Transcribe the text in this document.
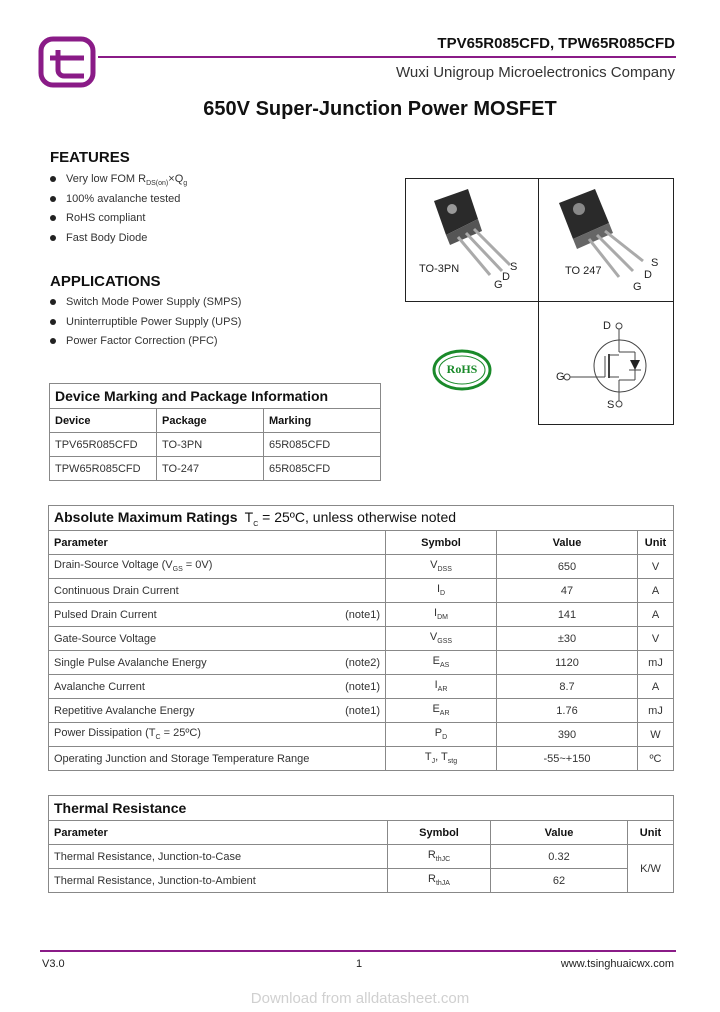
TPV65R085CFD, TPW65R085CFD
Wuxi Unigroup Microelectronics Company
650V Super-Junction Power MOSFET
FEATURES
Very low FOM $R_{DS(on)}\times Q_g$
100% avalanche tested
RoHS compliant
Fast Body Diode
APPLICATIONS
Switch Mode Power Supply (SMPS)
Uninterruptible Power Supply (UPS)
Power Factor Correction (PFC)
TO-3PN	S
D
G
TO 247
S
D
G
RoHS
D
G
S
Device Marking and Package Information		
Device	Package	Marking
TPV65R085CFD	TO-3PN	65R085CFD
TPW65R085CFD	TO-247	65R085CFD
Absolute Maximum Ratings $T_C$ = 25ºC, unless otherwise noted			
Parameter	Symbol	Value	Unit
Drain-Source Voltage $(V_{GS} = 0V)$	$V_{DSS}$	650	V
Continuous Drain Current	$I_D$	47	A
Pulsed Drain Current (note1)	$I_{DM}$	141	A
Gate-Source Voltage	$V_{GSS}$	±30	V
Single Pulse Avalanche Energy (note2)	$E_{AS}$	1120	mJ
Avalanche Current (note1)	$I_{AR}$	8.7	A
Repetitive Avalanche Energy (note1)	$E_{AR}$	1.76	mJ
Power Dissipation ($T_C$ = 25ºC)	$P_D$	390	W
Operating Junction and Storage Temperature Range	$T_J$, $T_{stg}$	-55~+150	ºC
Thermal Resistance			
Parameter	Symbol	Value	Unit
Thermal Resistance, Junction-to-Case	$R_{thJC}$	0.32	K/W
Thermal Resistance, Junction-to-Ambient	$R_{thJA}$	62	
V3.0	1	www.tsinghuaicwx.com
Download from alldatasheet.com
